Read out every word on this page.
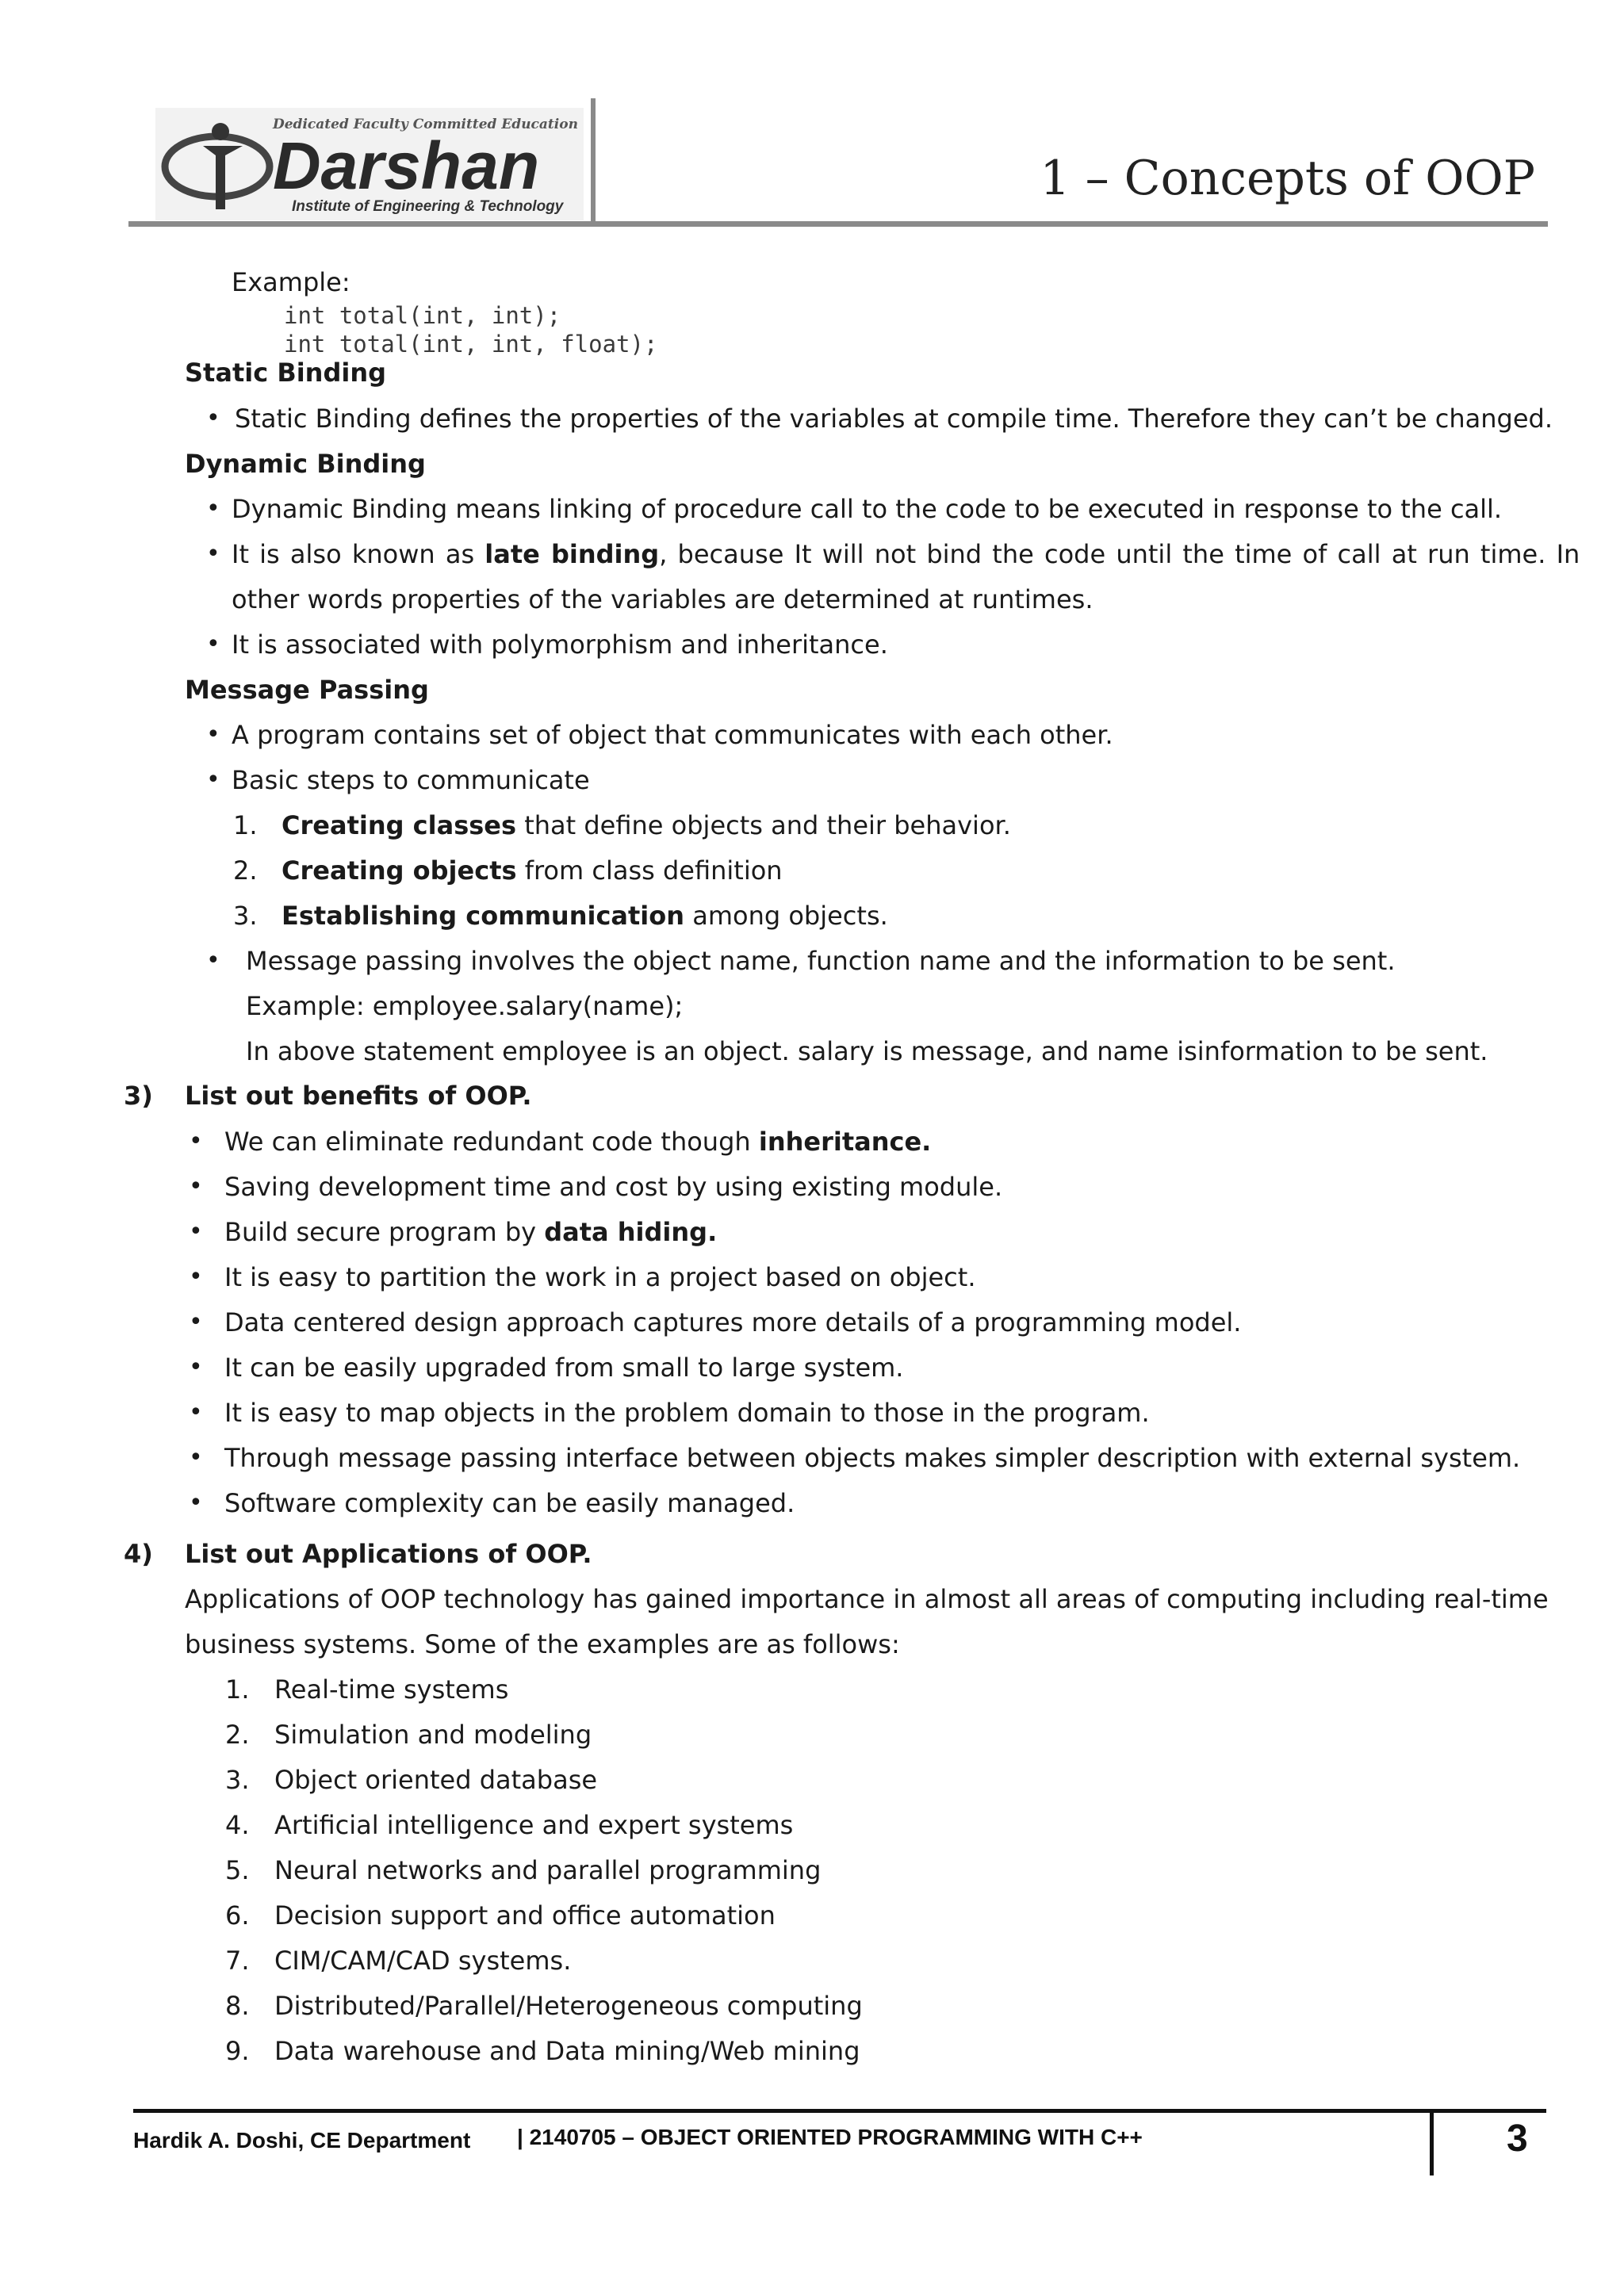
Dedicated Faculty Committed Education
Darshan
Institute of Engineering & Technology
1 – Concepts of OOP
Example:
int total(int, int);
int total(int, int, float);
Static Binding
• Static Binding defines the properties of the variables at compile time. Therefore they can’t be changed.
Dynamic Binding
• Dynamic Binding means linking of procedure call to the code to be executed in response to the call.
• It is also known as late binding, because It will not bind the code until the time of call at run time. In
other words properties of the variables are determined at runtimes.
• It is associated with polymorphism and inheritance.
Message Passing
• A program contains set of object that communicates with each other.
• Basic steps to communicate
1. Creating classes that define objects and their behavior.
2. Creating objects from class definition
3. Establishing communication among objects.
• Message passing involves the object name, function name and the information to be sent.
Example: employee.salary(name);
In above statement employee is an object. salary is message, and name isinformation to be sent.
3) List out benefits of OOP.
• We can eliminate redundant code though inheritance.
• Saving development time and cost by using existing module.
• Build secure program by data hiding.
• It is easy to partition the work in a project based on object.
• Data centered design approach captures more details of a programming model.
• It can be easily upgraded from small to large system.
• It is easy to map objects in the problem domain to those in the program.
• Through message passing interface between objects makes simpler description with external system.
• Software complexity can be easily managed.
4) List out Applications of OOP.
Applications of OOP technology has gained importance in almost all areas of computing including real-time
business systems. Some of the examples are as follows:
1. Real-time systems
2. Simulation and modeling
3. Object oriented database
4. Artificial intelligence and expert systems
5. Neural networks and parallel programming
6. Decision support and office automation
7. CIM/CAM/CAD systems.
8. Distributed/Parallel/Heterogeneous computing
9. Data warehouse and Data mining/Web mining
Hardik A. Doshi, CE Department | 2140705 – OBJECT ORIENTED PROGRAMMING WITH C++	3
